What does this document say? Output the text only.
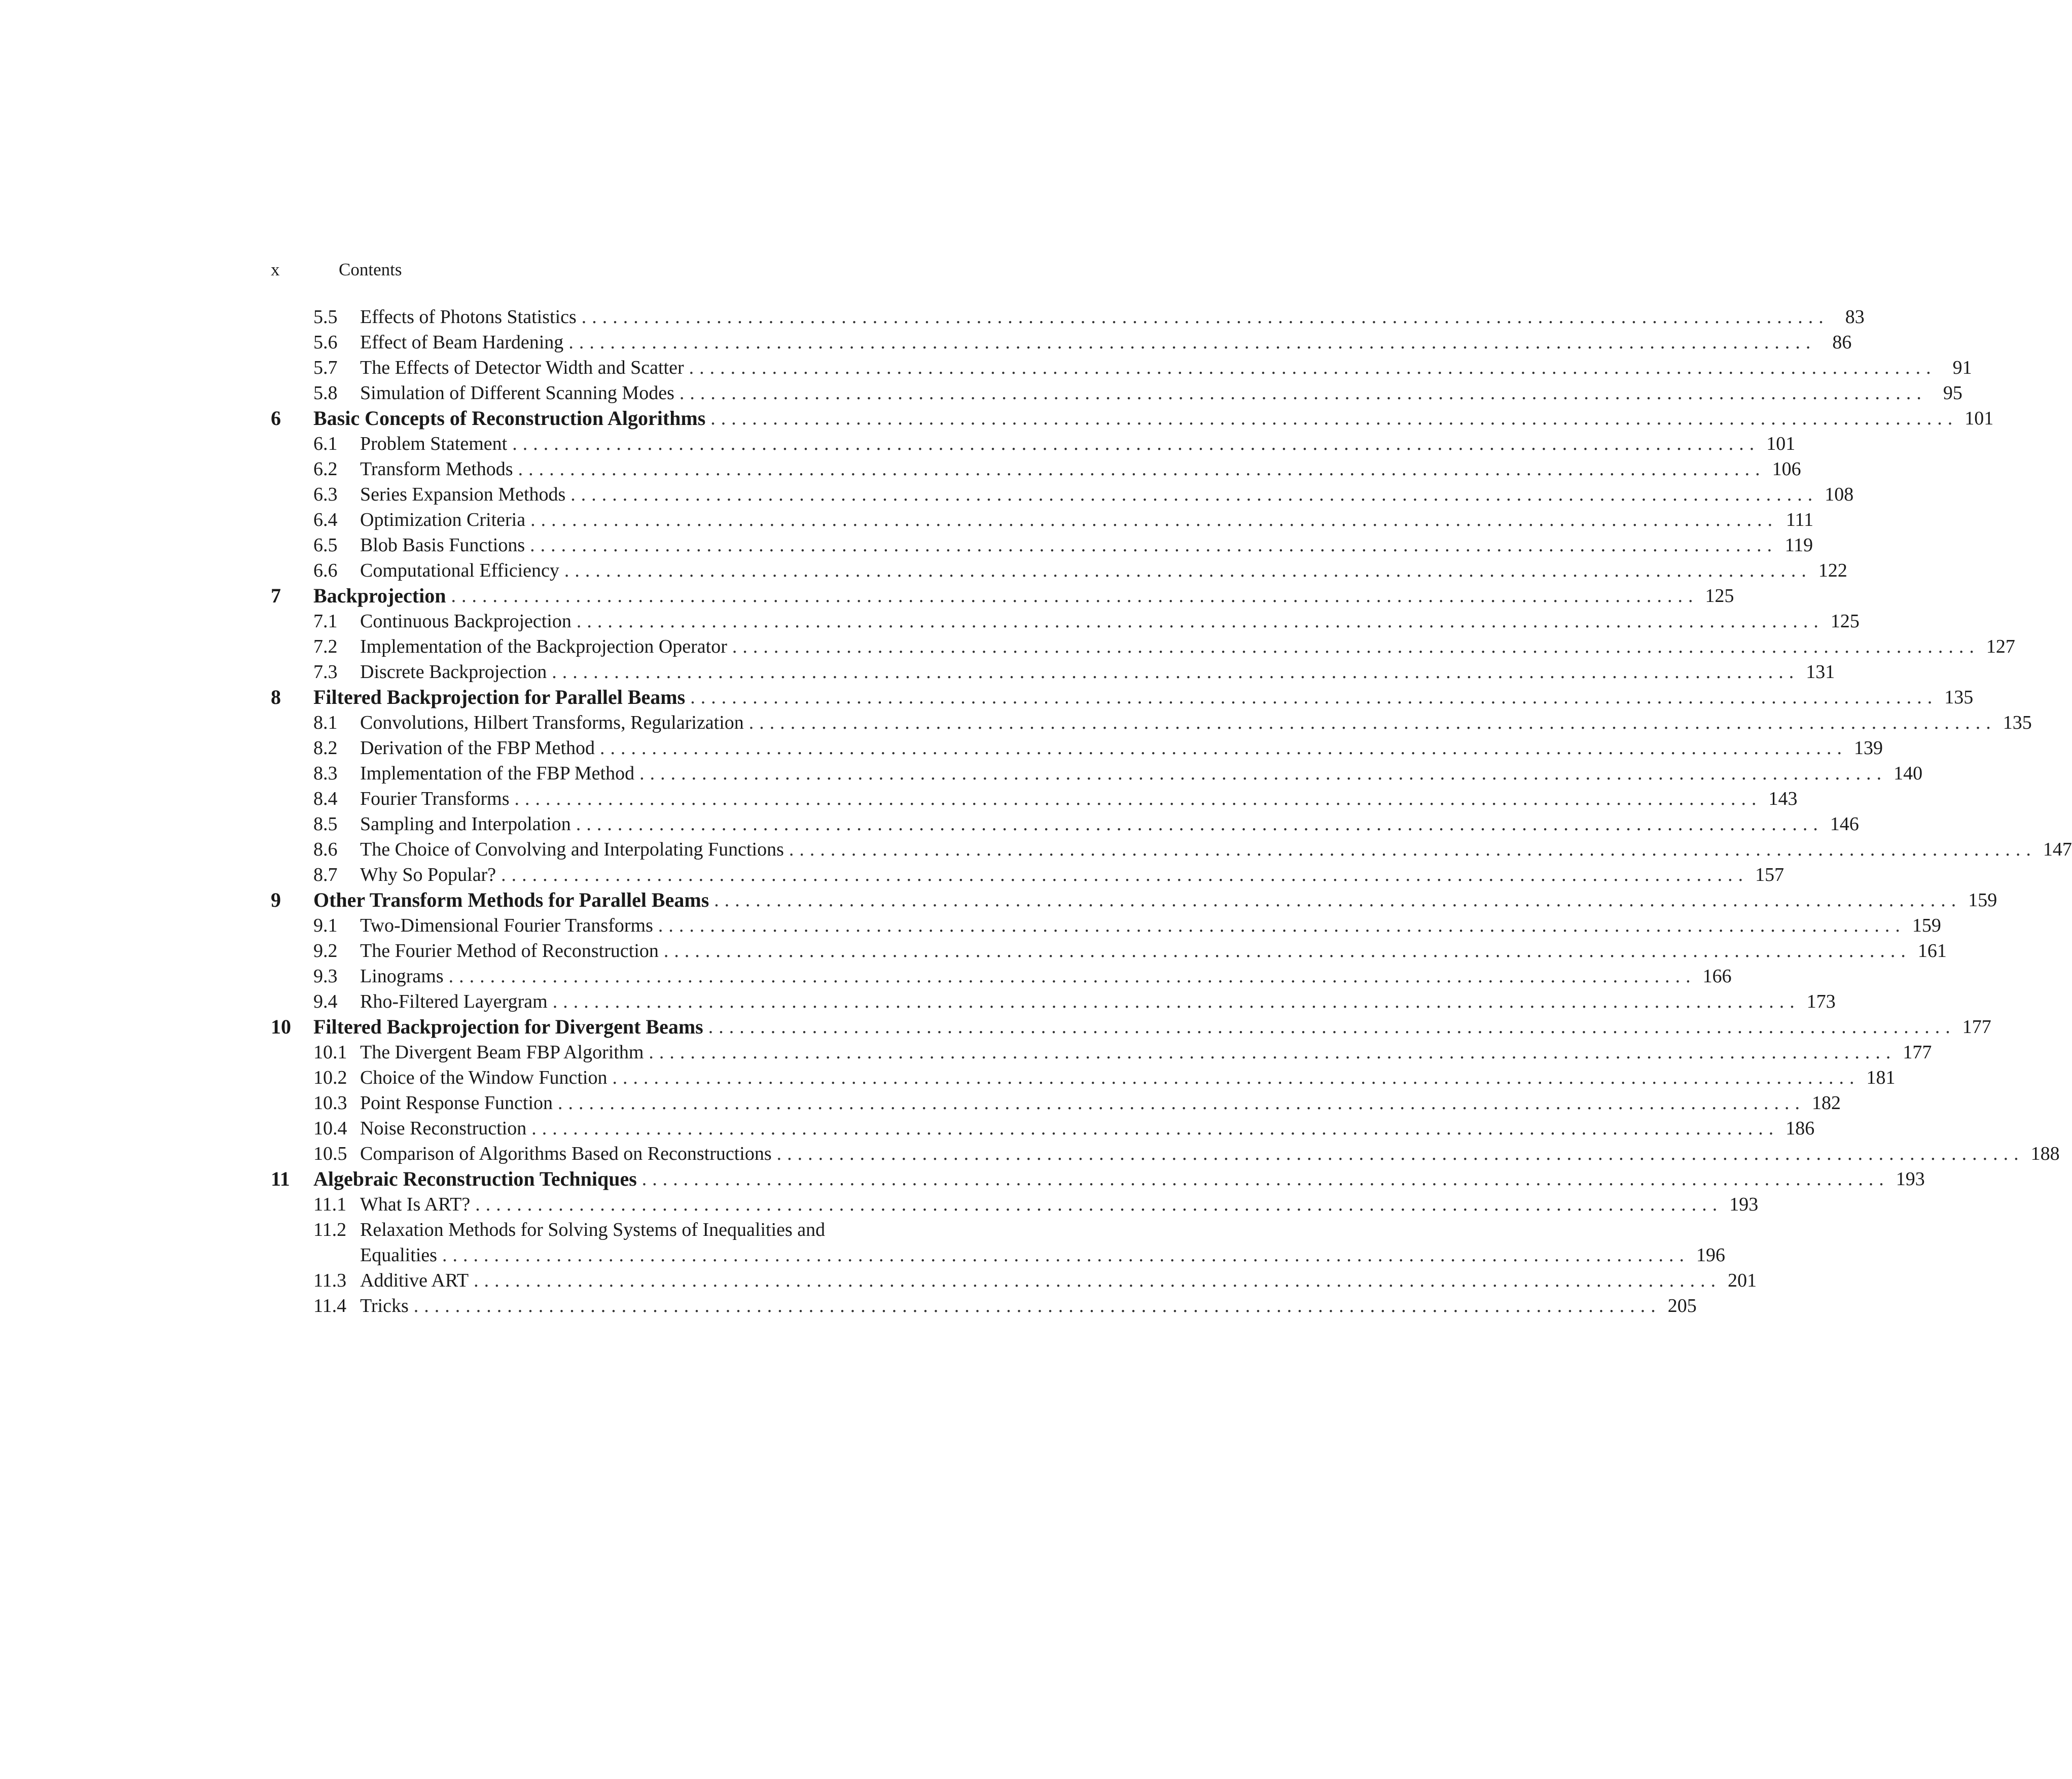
x	Contents
5.5 Effects of Photons Statistics ........................................................................................................................ 83
5.6 Effect of Beam Hardening ........................................................................................................................ 86
5.7 The Effects of Detector Width and Scatter ........................................................................................................................ 91
5.8 Simulation of Different Scanning Modes ........................................................................................................................ 95
6 Basic Concepts of Reconstruction Algorithms ........................................................................................................................ 101
6.1 Problem Statement ........................................................................................................................ 101
6.2 Transform Methods ........................................................................................................................ 106
6.3 Series Expansion Methods ........................................................................................................................ 108
6.4 Optimization Criteria ........................................................................................................................ 111
6.5 Blob Basis Functions ........................................................................................................................ 119
6.6 Computational Efficiency ........................................................................................................................ 122
7 Backprojection ........................................................................................................................ 125
7.1 Continuous Backprojection ........................................................................................................................ 125
7.2 Implementation of the Backprojection Operator ........................................................................................................................ 127
7.3 Discrete Backprojection ........................................................................................................................ 131
8 Filtered Backprojection for Parallel Beams ........................................................................................................................ 135
8.1 Convolutions, Hilbert Transforms, Regularization ........................................................................................................................ 135
8.2 Derivation of the FBP Method ........................................................................................................................ 139
8.3 Implementation of the FBP Method ........................................................................................................................ 140
8.4 Fourier Transforms ........................................................................................................................ 143
8.5 Sampling and Interpolation ........................................................................................................................ 146
8.6 The Choice of Convolving and Interpolating Functions ........................................................................................................................ 147
8.7 Why So Popular? ........................................................................................................................ 157
9 Other Transform Methods for Parallel Beams ........................................................................................................................ 159
9.1 Two-Dimensional Fourier Transforms ........................................................................................................................ 159
9.2 The Fourier Method of Reconstruction ........................................................................................................................ 161
9.3 Linograms ........................................................................................................................ 166
9.4 Rho-Filtered Layergram ........................................................................................................................ 173
10 Filtered Backprojection for Divergent Beams ........................................................................................................................ 177
10.1 The Divergent Beam FBP Algorithm ........................................................................................................................ 177
10.2 Choice of the Window Function ........................................................................................................................ 181
10.3 Point Response Function ........................................................................................................................ 182
10.4 Noise Reconstruction ........................................................................................................................ 186
10.5 Comparison of Algorithms Based on Reconstructions ........................................................................................................................ 188
11 Algebraic Reconstruction Techniques ........................................................................................................................ 193
11.1 What Is ART? ........................................................................................................................ 193
11.2 Relaxation Methods for Solving Systems of Inequalities and
Equalities ........................................................................................................................ 196
11.3 Additive ART ........................................................................................................................ 201
11.4 Tricks ........................................................................................................................ 205
